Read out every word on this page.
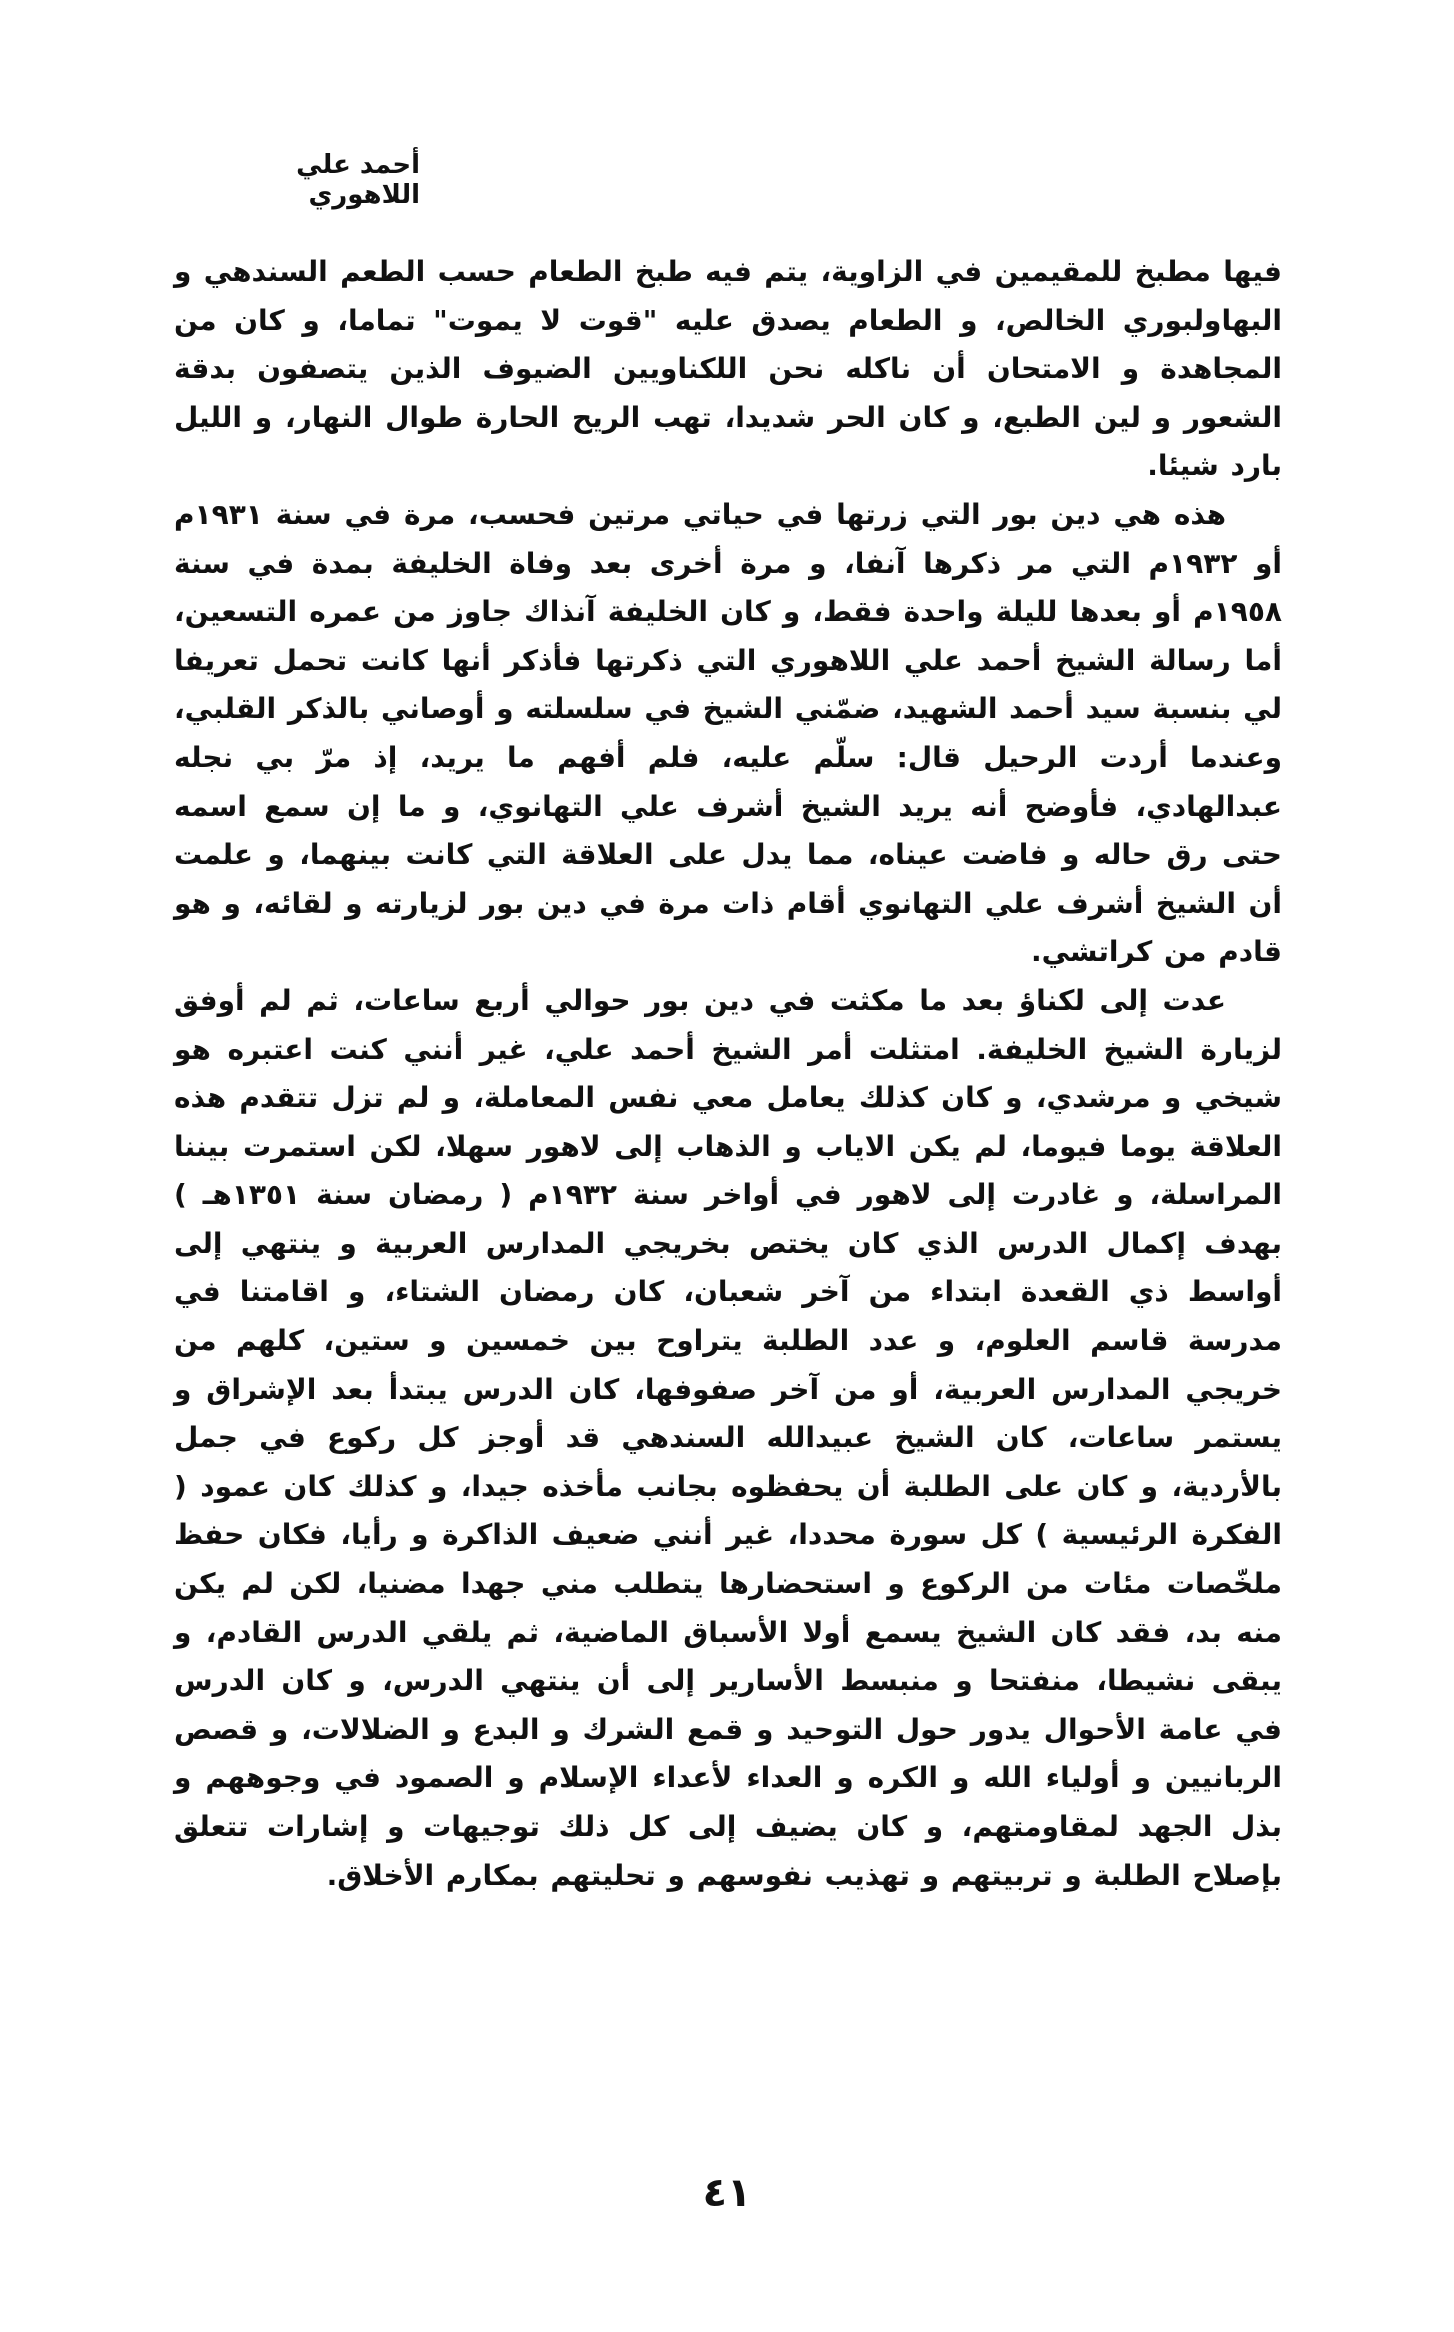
أحمد علي اللاهوري

فيها مطبخ للمقيمين في الزاوية، يتم فيه طبخ الطعام حسب الطعم السندهي و البهاولبوري الخالص، و الطعام يصدق عليه "قوت لا يموت" تماما، و كان من المجاهدة و الامتحان أن ناكله نحن اللكناويين الضيوف الذين يتصفون بدقة الشعور و لين الطبع، و كان الحر شديدا، تهب الريح الحارة طوال النهار، و الليل بارد شيئا.

هذه هي دين بور التي زرتها في حياتي مرتين فحسب، مرة في سنة ١٩٣١م أو ١٩٣٢م التي مر ذكرها آنفا، و مرة أخرى بعد وفاة الخليفة بمدة في سنة ١٩٥٨م أو بعدها لليلة واحدة فقط، و كان الخليفة آنذاك جاوز من عمره التسعين، أما رسالة الشيخ أحمد علي اللاهوري التي ذكرتها فأذكر أنها كانت تحمل تعريفا لي بنسبة سيد أحمد الشهيد، ضمّني الشيخ في سلسلته و أوصاني بالذكر القلبي، وعندما أردت الرحيل قال: سلّم عليه، فلم أفهم ما يريد، إذ مرّ بي نجله عبدالهادي، فأوضح أنه يريد الشيخ أشرف علي التهانوي، و ما إن سمع اسمه حتى رق حاله و فاضت عيناه، مما يدل على العلاقة التي كانت بينهما، و علمت أن الشيخ أشرف علي التهانوي أقام ذات مرة في دين بور لزيارته و لقائه، و هو قادم من كراتشي.

عدت إلى لكناؤ بعد ما مكثت في دين بور حوالي أربع ساعات، ثم لم أوفق لزيارة الشيخ الخليفة. امتثلت أمر الشيخ أحمد علي، غير أنني كنت اعتبره هو شيخي و مرشدي، و كان كذلك يعامل معي نفس المعاملة، و لم تزل تتقدم هذه العلاقة يوما فيوما، لم يكن الاياب و الذهاب إلى لاهور سهلا، لكن استمرت بيننا المراسلة، و غادرت إلى لاهور في أواخر سنة ١٩٣٢م ( رمضان سنة ١٣٥١هـ ) بهدف إكمال الدرس الذي كان يختص بخريجي المدارس العربية و ينتهي إلى أواسط ذي القعدة ابتداء من آخر شعبان، كان رمضان الشتاء، و اقامتنا في مدرسة قاسم العلوم، و عدد الطلبة يتراوح بين خمسين و ستين، كلهم من خريجي المدارس العربية، أو من آخر صفوفها، كان الدرس يبتدأ بعد الإشراق و يستمر ساعات، كان الشيخ عبيدالله السندهي قد أوجز كل ركوع في جمل بالأردية، و كان على الطلبة أن يحفظوه بجانب مأخذه جيدا، و كذلك كان عمود ( الفكرة الرئيسية ) كل سورة محددا، غير أنني ضعيف الذاكرة و رأيا، فكان حفظ ملخّصات مئات من الركوع و استحضارها يتطلب مني جهدا مضنيا، لكن لم يكن منه بد، فقد كان الشيخ يسمع أولا الأسباق الماضية، ثم يلقي الدرس القادم، و يبقى نشيطا، منفتحا و منبسط الأسارير إلى أن ينتهي الدرس، و كان الدرس في عامة الأحوال يدور حول التوحيد و قمع الشرك و البدع و الضلالات، و قصص الربانيين و أولياء الله و الكره و العداء لأعداء الإسلام و الصمود في وجوههم و بذل الجهد لمقاومتهم، و كان يضيف إلى كل ذلك توجيهات و إشارات تتعلق بإصلاح الطلبة و تربيتهم و تهذيب نفوسهم و تحليتهم بمكارم الأخلاق.

٤١
